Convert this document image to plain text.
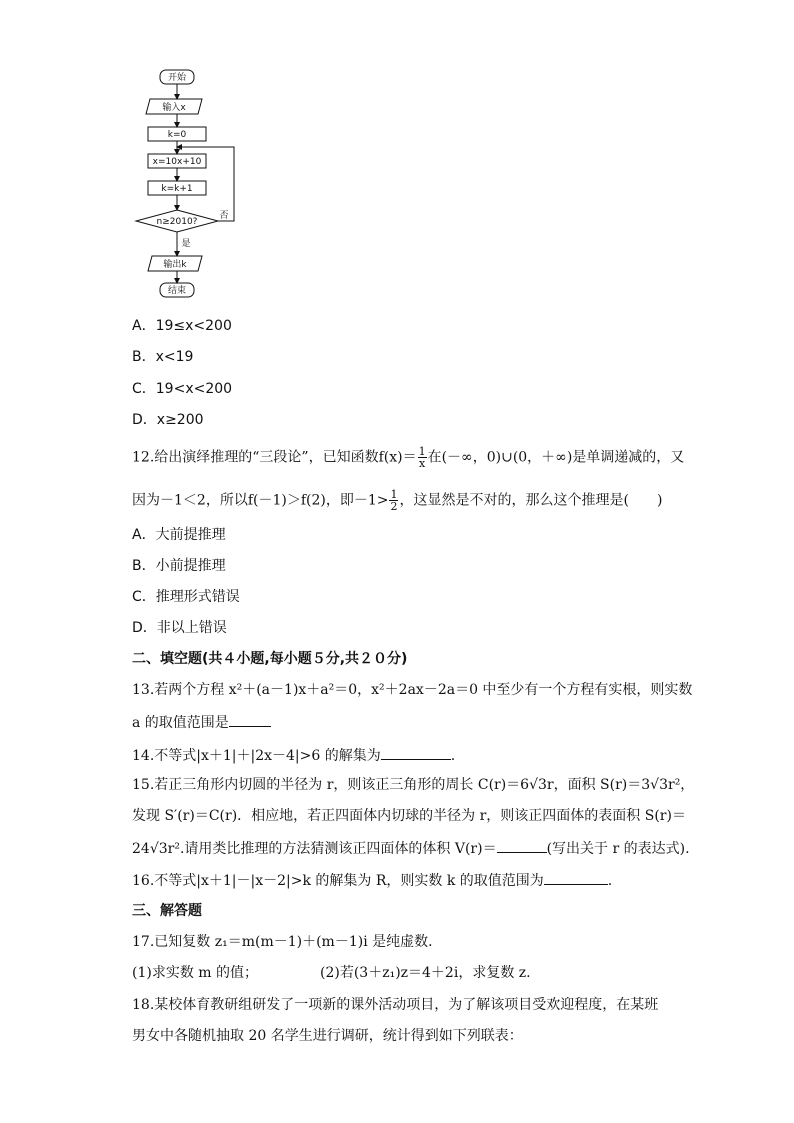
开始
输入x
k=0
x=10x+10
k=k+1
n≥2010?
否
是
输出k
结束
A．19≤x<200
B．x<19
C．19<x<200
D．x≥200
12.给出演绎推理的“三段论”，已知函数$f(x)= \frac{1}{x}$ 在(－∞，0)∪(0，＋∞)是单调递减的，又
因为－1＜2，所以f(－1)＞f(2)，即$-1> \frac{1}{2}$ ，这显然是不对的，那么这个推理是(　　)
A．大前提推理
B．小前提推理
C．推理形式错误
D．非以上错误
二、填空题(共４小题,每小题５分,共２０分)
13.若两个方程 x²＋(a－1)x＋a²＝0，x²＋2ax－2a＝0 中至少有一个方程有实根，则实数
a 的取值范围是
14.不等式|x＋1|＋|2x－4|>6 的解集为	.
15.若正三角形内切圆的半径为 r，则该正三角形的周长 C(r)＝6√3r，面积 S(r)＝3√3r²，
发现 S′(r)＝C(r)．相应地，若正四面体内切球的半径为 r，则该正四面体的表面积 S(r)＝
24√3r².请用类比推理的方法猜测该正四面体的体积 V(r)＝	(写出关于 r 的表达式).
16.不等式|x＋1|－|x－2|>k 的解集为 R，则实数 k 的取值范围为	.
三、解答题
17.已知复数 z₁＝m(m－1)＋(m－1)i 是纯虚数．
(1)求实数 m 的值；	(2)若(3＋z₁)z＝4＋2i，求复数 z.
18.某校体育教研组研发了一项新的课外活动项目，为了解该项目受欢迎程度，在某班
男女中各随机抽取 20 名学生进行调研，统计得到如下列联表：
